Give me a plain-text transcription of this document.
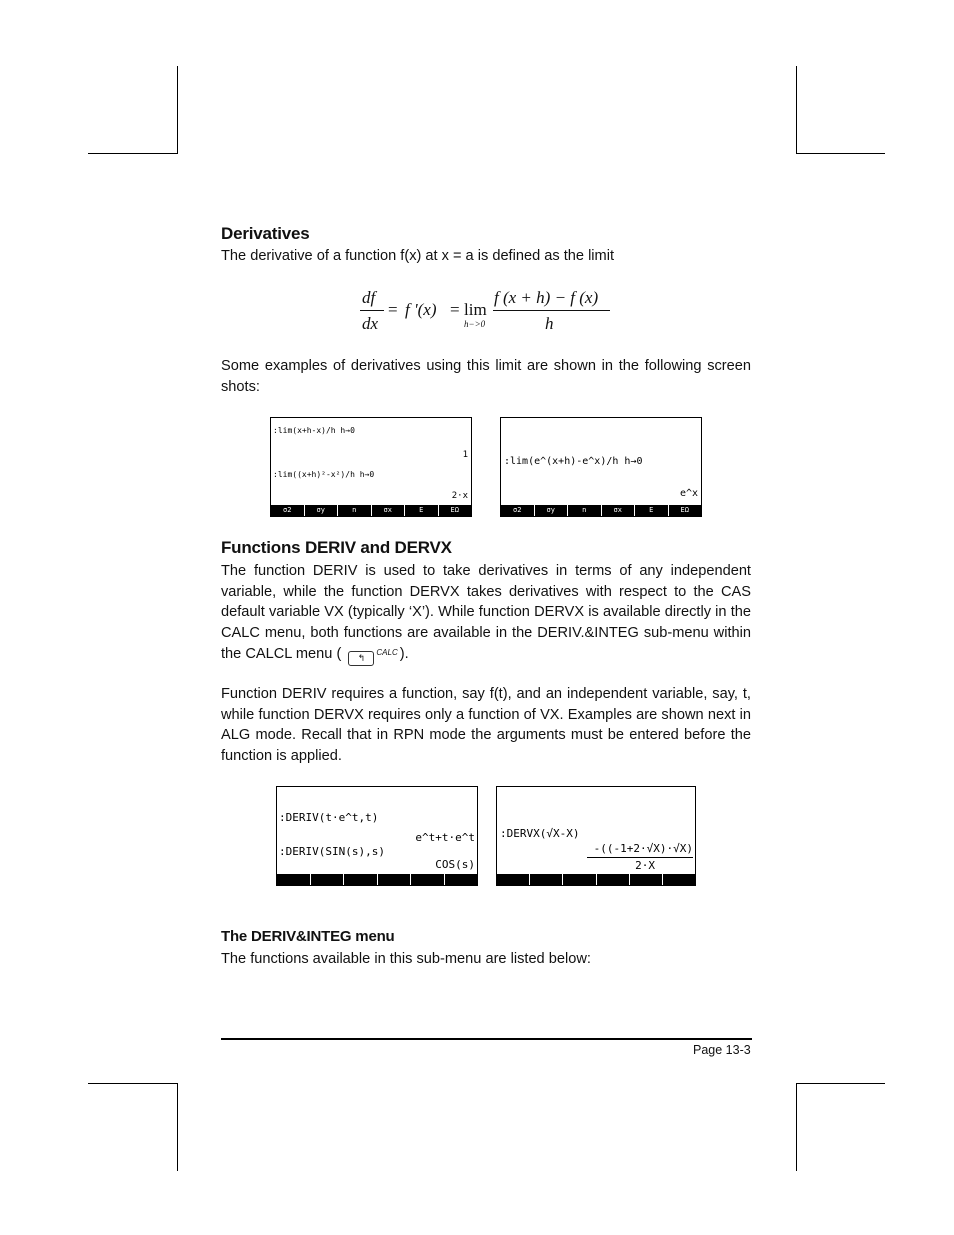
Derivatives
The derivative of a function f(x) at x = a is defined as the limit
df
dx
= f '(x) = lim
h−>0
f (x + h) − f (x)
h
Some examples of derivatives using this limit are shown in the following screen shots:
:lim(x+h-x)/h h→0
1
:lim((x+h)²-x²)/h h→0
2·x
σ2	σy	n	σx	E	EΩ
:lim(e^(x+h)-e^x)/h h→0
e^x
σ2	σy	n	σx	E	EΩ
Functions DERIV and DERVX
The function DERIV is used to take derivatives in terms of any independent variable, while the function DERVX takes derivatives with respect to the CAS default variable VX (typically ‘X’). While function DERVX is available directly in the CALC menu, both functions are available in the DERIV.&INTEG sub-menu within the CALCL menu ( ↰$^{CALC}$ ).
Function DERIV requires a function, say f(t), and an independent variable, say, t, while function DERVX requires only a function of VX. Examples are shown next in ALG mode. Recall that in RPN mode the arguments must be entered before the function is applied.
:DERIV(t·e^t,t)
e^t+t·e^t
:DERIV(SIN(s),s)
COS(s)
:DERVX(√X-X)
-((-1+2·√X)·√X)
2·X
The DERIV&INTEG menu
The functions available in this sub-menu are listed below:
Page 13-3
